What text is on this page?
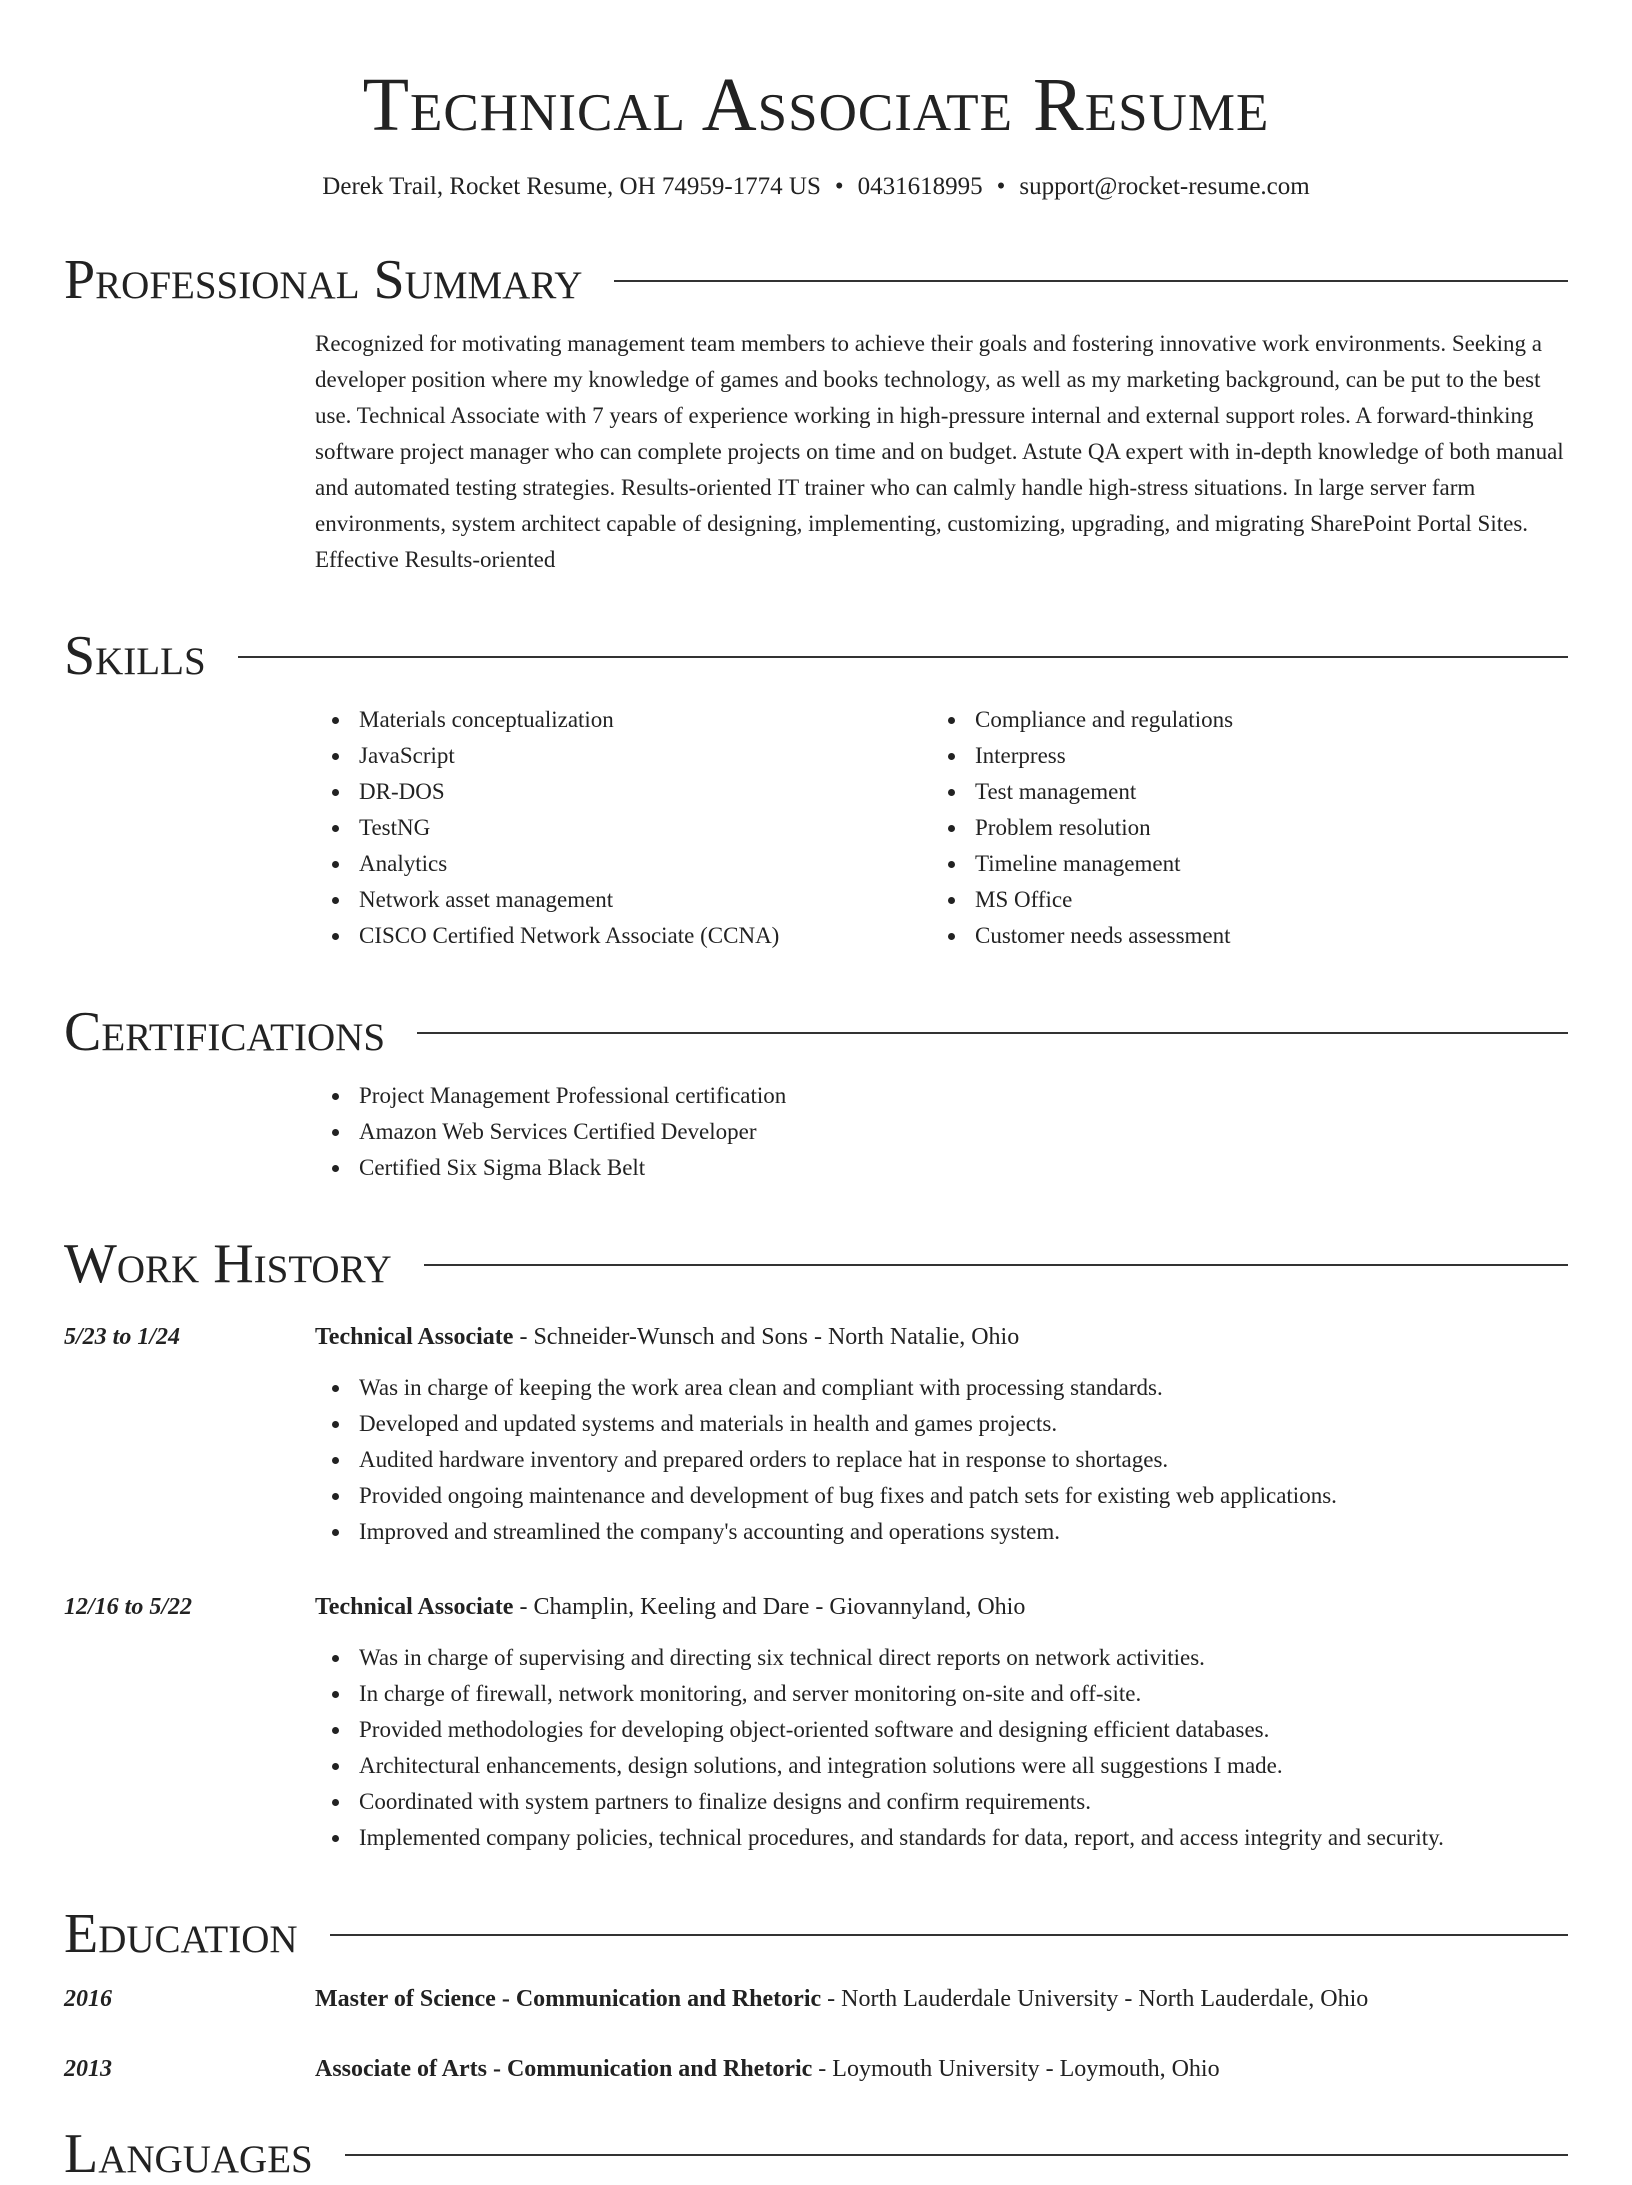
Technical Associate Resume
Derek Trail, Rocket Resume, OH 74959-1774 US • 0431618995 • support@rocket-resume.com
Professional Summary
Recognized for motivating management team members to achieve their goals and fostering innovative work environments. Seeking a developer position where my knowledge of games and books technology, as well as my marketing background, can be put to the best use. Technical Associate with 7 years of experience working in high-pressure internal and external support roles. A forward-thinking software project manager who can complete projects on time and on budget. Astute QA expert with in-depth knowledge of both manual and automated testing strategies. Results-oriented IT trainer who can calmly handle high-stress situations. In large server farm environments, system architect capable of designing, implementing, customizing, upgrading, and migrating SharePoint Portal Sites. Effective Results-oriented
Skills
Materials conceptualization
JavaScript
DR-DOS
TestNG
Analytics
Network asset management
CISCO Certified Network Associate (CCNA)
Compliance and regulations
Interpress
Test management
Problem resolution
Timeline management
MS Office
Customer needs assessment
Certifications
Project Management Professional certification
Amazon Web Services Certified Developer
Certified Six Sigma Black Belt
Work History
5/23 to 1/24	Technical Associate - Schneider-Wunsch and Sons - North Natalie, Ohio
Was in charge of keeping the work area clean and compliant with processing standards.
Developed and updated systems and materials in health and games projects.
Audited hardware inventory and prepared orders to replace hat in response to shortages.
Provided ongoing maintenance and development of bug fixes and patch sets for existing web applications.
Improved and streamlined the company's accounting and operations system.
12/16 to 5/22	Technical Associate - Champlin, Keeling and Dare - Giovannyland, Ohio
Was in charge of supervising and directing six technical direct reports on network activities.
In charge of firewall, network monitoring, and server monitoring on-site and off-site.
Provided methodologies for developing object-oriented software and designing efficient databases.
Architectural enhancements, design solutions, and integration solutions were all suggestions I made.
Coordinated with system partners to finalize designs and confirm requirements.
Implemented company policies, technical procedures, and standards for data, report, and access integrity and security.
Education
2016	Master of Science - Communication and Rhetoric - North Lauderdale University - North Lauderdale, Ohio
2013	Associate of Arts - Communication and Rhetoric - Loymouth University - Loymouth, Ohio
Languages
